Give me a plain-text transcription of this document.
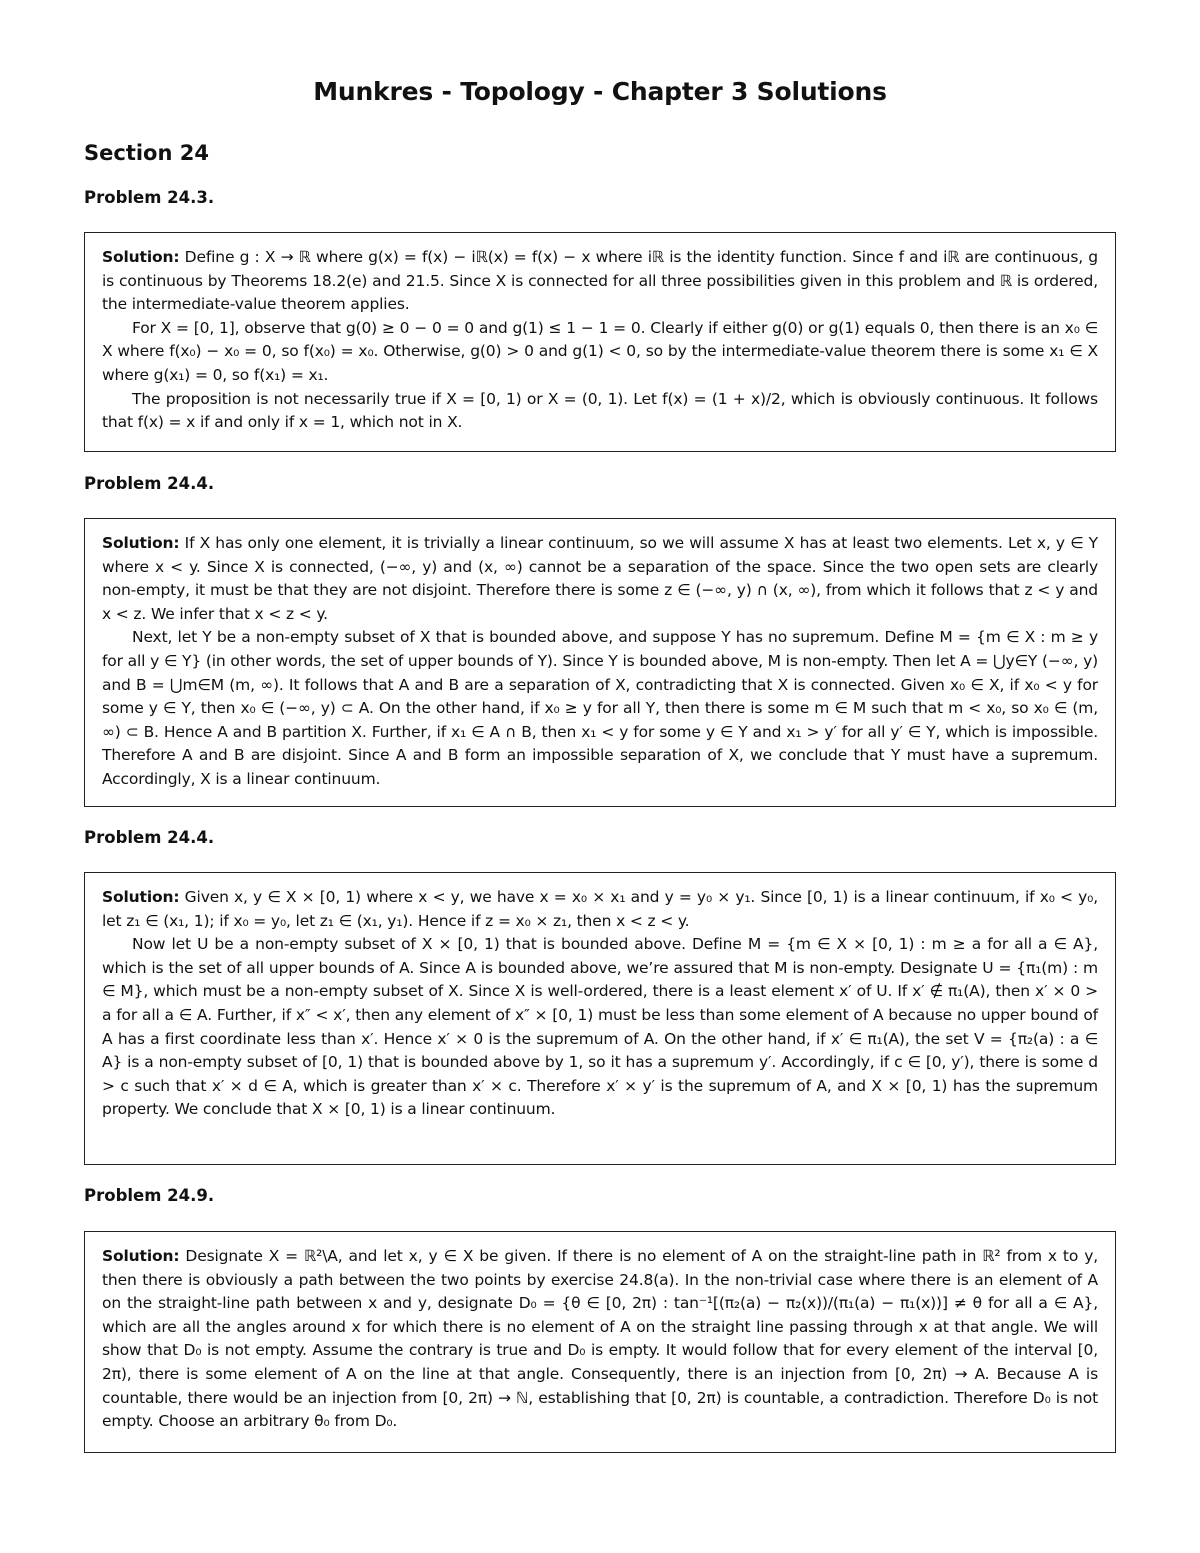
Munkres - Topology - Chapter 3 Solutions
Section 24
Problem 24.3.

Solution: Define g : X → ℝ where g(x) = f(x) − iℝ(x) = f(x) − x where iℝ is the identity function. Since f and iℝ are continuous, g is continuous by Theorems 18.2(e) and 21.5. Since X is connected for all three possibilities given in this problem and ℝ is ordered, the intermediate-value theorem applies.

For X = [0, 1], observe that g(0) ≥ 0 − 0 = 0 and g(1) ≤ 1 − 1 = 0. Clearly if either g(0) or g(1) equals 0, then there is an x₀ ∈ X where f(x₀) − x₀ = 0, so f(x₀) = x₀. Otherwise, g(0) > 0 and g(1) < 0, so by the intermediate-value theorem there is some x₁ ∈ X where g(x₁) = 0, so f(x₁) = x₁.

The proposition is not necessarily true if X = [0, 1) or X = (0, 1). Let f(x) = (1 + x)/2, which is obviously continuous. It follows that f(x) = x if and only if x = 1, which not in X.

Problem 24.4.

Solution: If X has only one element, it is trivially a linear continuum, so we will assume X has at least two elements. Let x, y ∈ Y where x < y. Since X is connected, (−∞, y) and (x, ∞) cannot be a separation of the space. Since the two open sets are clearly non-empty, it must be that they are not disjoint. Therefore there is some z ∈ (−∞, y) ∩ (x, ∞), from which it follows that z < y and x < z. We infer that x < z < y.

Next, let Y be a non-empty subset of X that is bounded above, and suppose Y has no supremum. Define M = {m ∈ X : m ≥ y for all y ∈ Y} (in other words, the set of upper bounds of Y). Since Y is bounded above, M is non-empty. Then let A = ⋃y∈Y (−∞, y) and B = ⋃m∈M (m, ∞). It follows that A and B are a separation of X, contradicting that X is connected. Given x₀ ∈ X, if x₀ < y for some y ∈ Y, then x₀ ∈ (−∞, y) ⊂ A. On the other hand, if x₀ ≥ y for all Y, then there is some m ∈ M such that m < x₀, so x₀ ∈ (m, ∞) ⊂ B. Hence A and B partition X. Further, if x₁ ∈ A ∩ B, then x₁ < y for some y ∈ Y and x₁ > y′ for all y′ ∈ Y, which is impossible. Therefore A and B are disjoint. Since A and B form an impossible separation of X, we conclude that Y must have a supremum. Accordingly, X is a linear continuum.

Problem 24.4.

Solution: Given x, y ∈ X × [0, 1) where x < y, we have x = x₀ × x₁ and y = y₀ × y₁. Since [0, 1) is a linear continuum, if x₀ < y₀, let z₁ ∈ (x₁, 1); if x₀ = y₀, let z₁ ∈ (x₁, y₁). Hence if z = x₀ × z₁, then x < z < y.

Now let U be a non-empty subset of X × [0, 1) that is bounded above. Define M = {m ∈ X × [0, 1) : m ≥ a for all a ∈ A}, which is the set of all upper bounds of A. Since A is bounded above, we’re assured that M is non-empty. Designate U = {π₁(m) : m ∈ M}, which must be a non-empty subset of X. Since X is well-ordered, there is a least element x′ of U. If x′ ∉ π₁(A), then x′ × 0 > a for all a ∈ A. Further, if x″ < x′, then any element of x″ × [0, 1) must be less than some element of A because no upper bound of A has a first coordinate less than x′. Hence x′ × 0 is the supremum of A. On the other hand, if x′ ∈ π₁(A), the set V = {π₂(a) : a ∈ A} is a non-empty subset of [0, 1) that is bounded above by 1, so it has a supremum y′. Accordingly, if c ∈ [0, y′), there is some d > c such that x′ × d ∈ A, which is greater than x′ × c. Therefore x′ × y′ is the supremum of A, and X × [0, 1) has the supremum property. We conclude that X × [0, 1) is a linear continuum.

Problem 24.9.

Solution: Designate X = ℝ²\A, and let x, y ∈ X be given. If there is no element of A on the straight-line path in ℝ² from x to y, then there is obviously a path between the two points by exercise 24.8(a). In the non-trivial case where there is an element of A on the straight-line path between x and y, designate D₀ = {θ ∈ [0, 2π) : tan⁻¹[(π₂(a) − π₂(x))/(π₁(a) − π₁(x))] ≠ θ for all a ∈ A}, which are all the angles around x for which there is no element of A on the straight line passing through x at that angle. We will show that D₀ is not empty. Assume the contrary is true and D₀ is empty. It would follow that for every element of the interval [0, 2π), there is some element of A on the line at that angle. Consequently, there is an injection from [0, 2π) → A. Because A is countable, there would be an injection from [0, 2π) → ℕ, establishing that [0, 2π) is countable, a contradiction. Therefore D₀ is not empty. Choose an arbitrary θ₀ from D₀.
